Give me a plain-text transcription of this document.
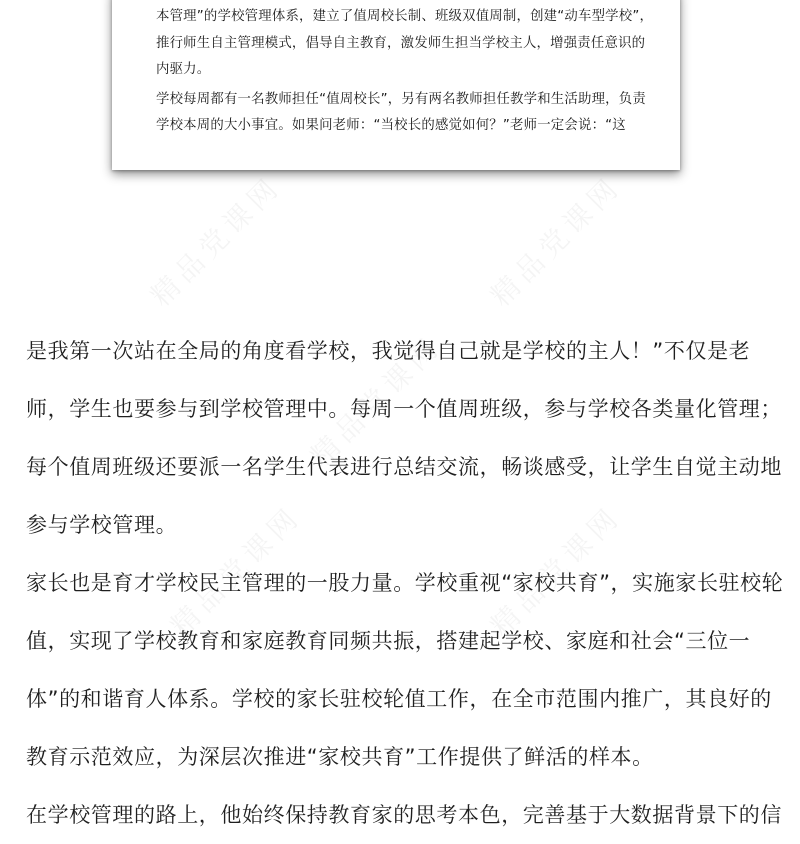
本管理”的学校管理体系，建立了值周校长制、班级双值周制，创建“动车型学校”，推行师生自主管理模式，倡导自主教育，激发师生担当学校主人，增强责任意识的内驱力。
学校每周都有一名教师担任“值周校长”，另有两名教师担任教学和生活助理，负责学校本周的大小事宜。如果问老师：“当校长的感觉如何？”老师一定会说：“这
是我第一次站在全局的角度看学校，我觉得自己就是学校的主人！”不仅是老师，学生也要参与到学校管理中。每周一个值周班级，参与学校各类量化管理；每个值周班级还要派一名学生代表进行总结交流，畅谈感受，让学生自觉主动地参与学校管理。
家长也是育才学校民主管理的一股力量。学校重视“家校共育”，实施家长驻校轮值，实现了学校教育和家庭教育同频共振，搭建起学校、家庭和社会“三位一体”的和谐育人体系。学校的家长驻校轮值工作，在全市范围内推广，其良好的教育示范效应，为深层次推进“家校共育”工作提供了鲜活的样本。
在学校管理的路上，他始终保持教育家的思考本色，完善基于大数据背景下的信
